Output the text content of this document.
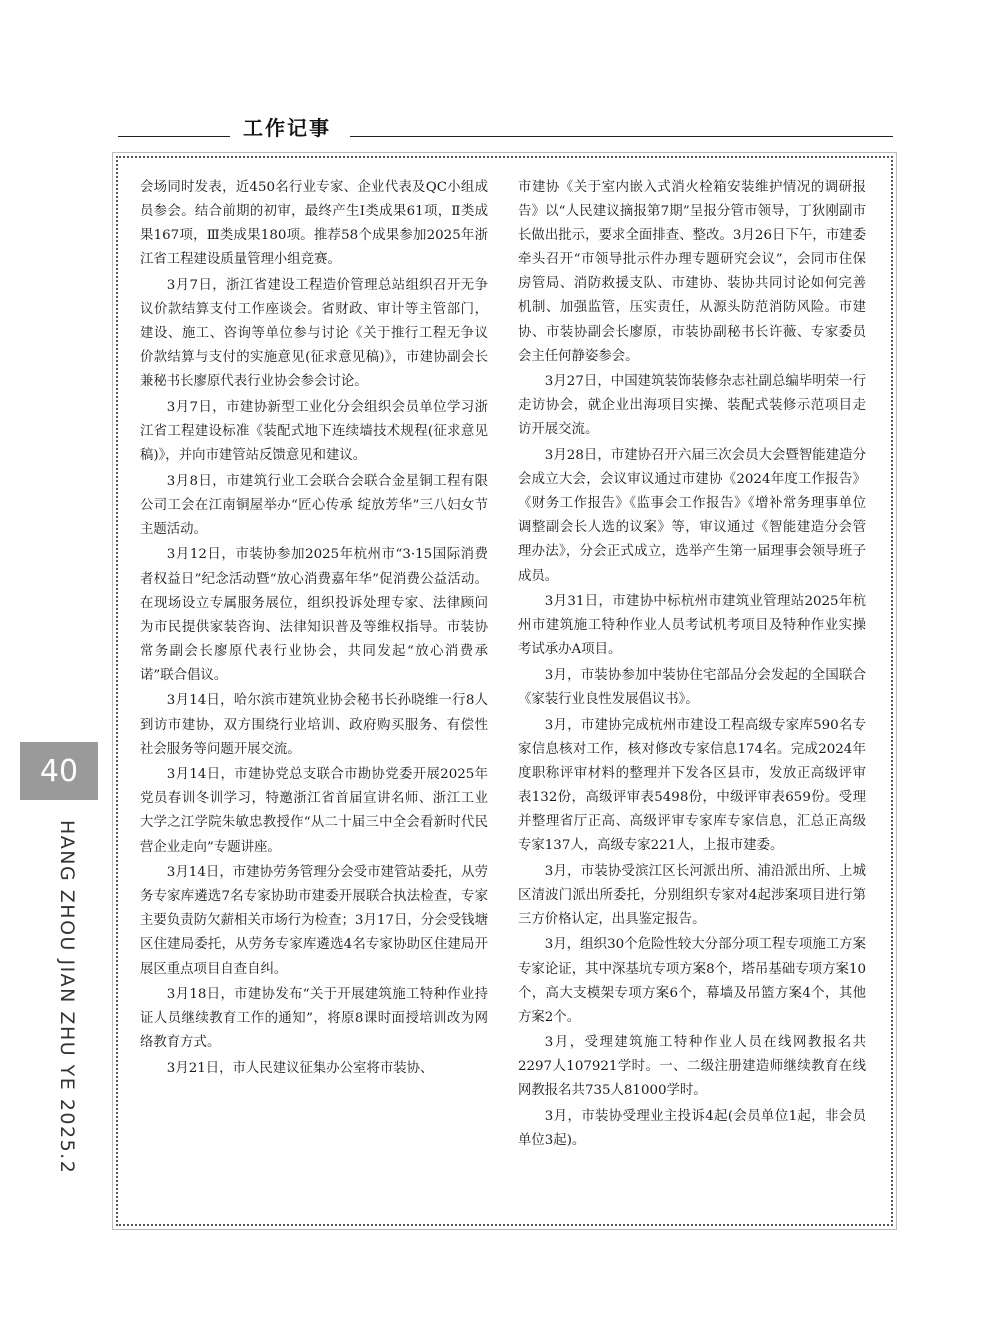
工作记事

会场同时发表，近450名行业专家、企业代表及QC小组成员参会。结合前期的初审，最终产生Ⅰ类成果61项，Ⅱ类成果167项，Ⅲ类成果180项。推荐58个成果参加2025年浙江省工程建设质量管理小组竞赛。

3月7日，浙江省建设工程造价管理总站组织召开无争议价款结算支付工作座谈会。省财政、审计等主管部门，建设、施工、咨询等单位参与讨论《关于推行工程无争议价款结算与支付的实施意见(征求意见稿)》，市建协副会长兼秘书长廖原代表行业协会参会讨论。

3月7日，市建协新型工业化分会组织会员单位学习浙江省工程建设标准《装配式地下连续墙技术规程(征求意见稿)》，并向市建管站反馈意见和建议。

3月8日，市建筑行业工会联合会联合金星铜工程有限公司工会在江南铜屋举办“匠心传承 绽放芳华”三八妇女节主题活动。

3月12日，市装协参加2025年杭州市“3·15国际消费者权益日”纪念活动暨“放心消费嘉年华”促消费公益活动。在现场设立专属服务展位，组织投诉处理专家、法律顾问为市民提供家装咨询、法律知识普及等维权指导。市装协常务副会长廖原代表行业协会，共同发起“放心消费承诺”联合倡议。

3月14日，哈尔滨市建筑业协会秘书长孙晓维一行8人到访市建协，双方围绕行业培训、政府购买服务、有偿性社会服务等问题开展交流。

3月14日，市建协党总支联合市勘协党委开展2025年党员春训冬训学习，特邀浙江省首届宣讲名师、浙江工业大学之江学院朱敏忠教授作“从二十届三中全会看新时代民营企业走向”专题讲座。

3月14日，市建协劳务管理分会受市建管站委托，从劳务专家库遴选7名专家协助市建委开展联合执法检查，专家主要负责防欠薪相关市场行为检查；3月17日，分会受钱塘区住建局委托，从劳务专家库遴选4名专家协助区住建局开展区重点项目自查自纠。

3月18日，市建协发布“关于开展建筑施工特种作业持证人员继续教育工作的通知”，将原8课时面授培训改为网络教育方式。

3月21日，市人民建议征集办公室将市装协、

市建协《关于室内嵌入式消火栓箱安装维护情况的调研报告》以“人民建议摘报第7期”呈报分管市领导，丁狄刚副市长做出批示，要求全面排查、整改。3月26日下午，市建委牵头召开“市领导批示件办理专题研究会议”，会同市住保房管局、消防救援支队、市建协、装协共同讨论如何完善机制、加强监管，压实责任，从源头防范消防风险。市建协、市装协副会长廖原，市装协副秘书长许薇、专家委员会主任何静姿参会。

3月27日，中国建筑装饰装修杂志社副总编毕明荣一行走访协会，就企业出海项目实操、装配式装修示范项目走访开展交流。

3月28日，市建协召开六届三次会员大会暨智能建造分会成立大会，会议审议通过市建协《2024年度工作报告》《财务工作报告》《监事会工作报告》《增补常务理事单位调整副会长人选的议案》等，审议通过《智能建造分会管理办法》，分会正式成立，选举产生第一届理事会领导班子成员。

3月31日，市建协中标杭州市建筑业管理站2025年杭州市建筑施工特种作业人员考试机考项目及特种作业实操考试承办A项目。

3月，市装协参加中装协住宅部品分会发起的全国联合《家装行业良性发展倡议书》。

3月，市建协完成杭州市建设工程高级专家库590名专家信息核对工作，核对修改专家信息174名。完成2024年度职称评审材料的整理并下发各区县市，发放正高级评审表132份，高级评审表5498份，中级评审表659份。受理并整理省厅正高、高级评审专家库专家信息，汇总正高级专家137人，高级专家221人，上报市建委。

3月，市装协受滨江区长河派出所、浦沿派出所、上城区清波门派出所委托，分别组织专家对4起涉案项目进行第三方价格认定，出具鉴定报告。

3月，组织30个危险性较大分部分项工程专项施工方案专家论证，其中深基坑专项方案8个，塔吊基础专项方案10个，高大支模架专项方案6个，幕墙及吊篮方案4个，其他方案2个。

3月，受理建筑施工特种作业人员在线网教报名共2297人107921学时。一、二级注册建造师继续教育在线网教报名共735人81000学时。

3月，市装协受理业主投诉4起(会员单位1起，非会员单位3起)。

40
HANG ZHOU JIAN ZHU YE 2025.2
